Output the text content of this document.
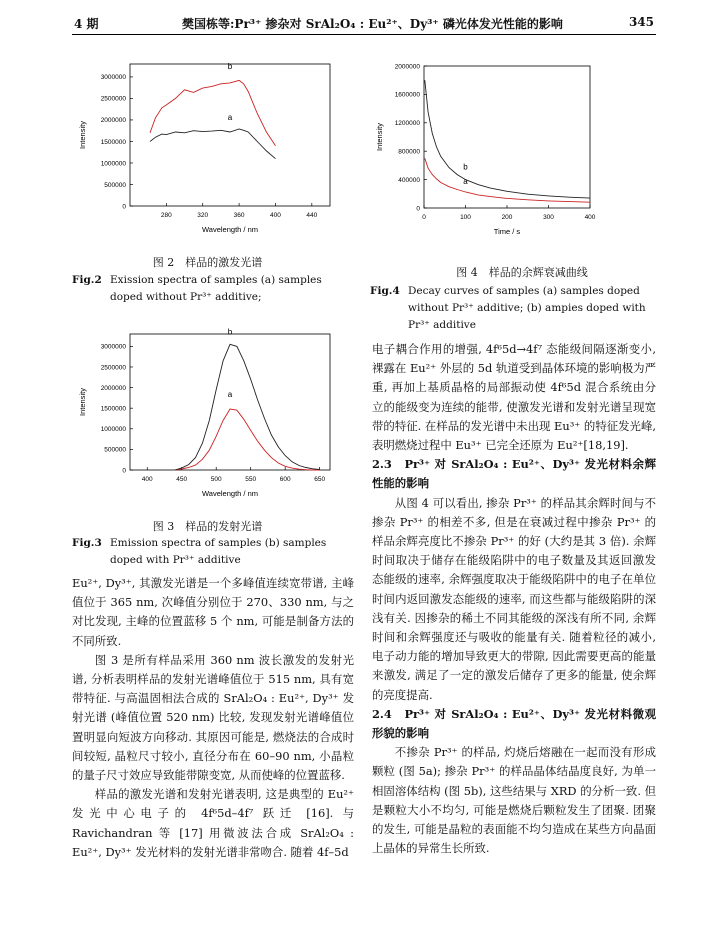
4 期	樊国栋等:Pr³⁺ 掺杂对 SrAl₂O₄ : Eu²⁺、Dy³⁺ 磷光体发光性能的影响	345
280	320	360	400	440
0
500000
1000000
1500000
2000000
2500000
3000000
Wavelength / nm
Intensity
b
a
0	100	200	300	400
0
400000
800000
1200000
1600000
2000000
Time / s
Intensity
a
b
图 2　样品的激发光谱
图 4　样品的余辉衰减曲线
Fig.2 Exission spectra of samples (a) samples doped without Pr³⁺ additive;	Fig.4 Decay curves of samples (a) samples doped without Pr³⁺ additive; (b) ampies doped with Pr³⁺ additive
400	450	500	550	600	650
0
500000
1000000
1500000
2000000
2500000
3000000
Wavelength / nm
Intensity	a
b
图 3　样品的发射光谱
Fig.3 Emission spectra of samples (b) samples doped with Pr³⁺ additive

Eu²⁺, Dy³⁺, 其激发光谱是一个多峰值连续宽带谱, 主峰值位于 365 nm, 次峰值分别位于 270、330 nm, 与之对比发现, 主峰的位置蓝移 5 个 nm, 可能是制备方法的不同所致.

图 3 是所有样品采用 360 nm 波长激发的发射光谱, 分析表明样品的发射光谱峰值位于 515 nm, 具有宽带特征. 与高温固相法合成的 SrAl₂O₄ : Eu²⁺, Dy³⁺ 发射光谱 (峰值位置 520 nm) 比较, 发现发射光谱峰值位置明显向短波方向移动. 其原因可能是, 燃烧法的合成时间较短, 晶粒尺寸较小, 直径分布在 60–90 nm, 小晶粒的量子尺寸效应导致能带隙变宽, 从而使峰的位置蓝移.

样品的激发光谱和发射光谱表明, 这是典型的 Eu²⁺ 发光中心电子的 4f⁶5d–4f⁷ 跃迁 [16]. 与 Ravichandran 等 [17] 用微波法合成 SrAl₂O₄ : Eu²⁺, Dy³⁺ 发光材料的发射光谱非常吻合. 随着 4f–5d

电子耦合作用的增强, 4f⁶5d→4f⁷ 态能级间隔逐渐变小, 裸露在 Eu²⁺ 外层的 5d 轨道受到晶体环境的影响极为严重, 再加上基质晶格的局部振动使 4f⁶5d 混合系统由分立的能级变为连续的能带, 使激发光谱和发射光谱呈现宽带的特征. 在样品的发光谱中未出现 Eu³⁺ 的特征发光峰, 表明燃烧过程中 Eu³⁺ 已完全还原为 Eu²⁺[18,19].

2.3　Pr³⁺ 对 SrAl₂O₄ : Eu²⁺、Dy³⁺ 发光材料余辉性能的影响

从图 4 可以看出, 掺杂 Pr³⁺ 的样品其余辉时间与不掺杂 Pr³⁺ 的相差不多, 但是在衰减过程中掺杂 Pr³⁺ 的样品余辉亮度比不掺杂 Pr³⁺ 的好 (大约是其 3 倍). 余辉时间取决于储存在能级陷阱中的电子数量及其返回激发态能级的速率, 余辉强度取决于能级陷阱中的电子在单位时间内返回激发态能级的速率, 而这些都与能级陷阱的深浅有关. 因掺杂的稀土不同其能级的深浅有所不同, 余辉时间和余辉强度还与吸收的能量有关. 随着粒径的减小, 电子动力能的增加导致更大的带隙, 因此需要更高的能量来激发, 满足了一定的激发后储存了更多的能量, 使余辉的亮度提高.

2.4　Pr³⁺ 对 SrAl₂O₄ : Eu²⁺、Dy³⁺ 发光材料微观形貌的影响

不掺杂 Pr³⁺ 的样品, 灼烧后熔融在一起而没有形成颗粒 (图 5a); 掺杂 Pr³⁺ 的样品晶体结晶度良好, 为单一相固溶体结构 (图 5b), 这些结果与 XRD 的分析一致. 但是颗粒大小不均匀, 可能是燃烧后颗粒发生了团聚. 团聚的发生, 可能是晶粒的表面能不均匀造成在某些方向晶面上晶体的异常生长所致.
